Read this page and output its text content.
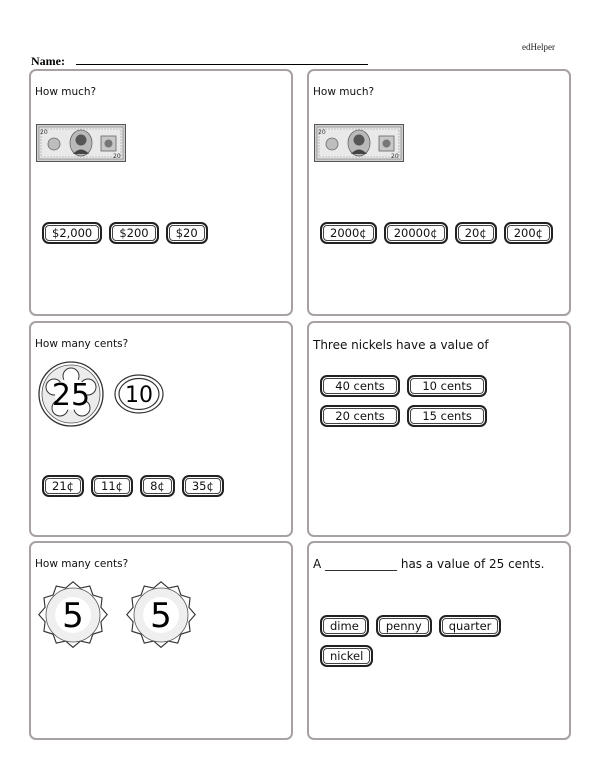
edHelper
Name:
How much?
20
20
$2,000 $200 $20
How much?
20
20
2000¢ 20000¢ 20¢ 200¢
How many cents?
25 10
21¢ 11¢ 8¢ 35¢
Three nickels have a value of
40 cents	10 cents 20 cents	15 cents
How many cents?
5 5
A ____________ has a value of 25 cents.
dime penny quarter nickel
